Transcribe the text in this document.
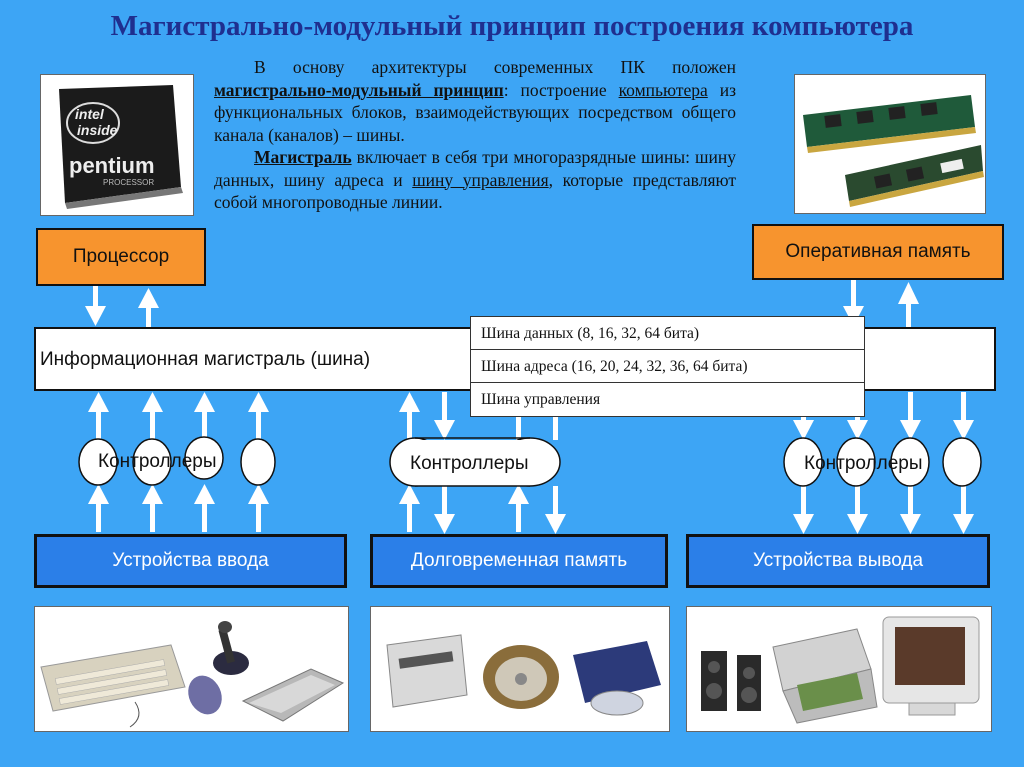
Магистрально-модульный принцип построения компьютера
intel
inside
pentium
PROCESSOR

В основу архитектуры современных ПК положен магистрально-модульный принцип: построение компьютера из функциональных блоков, взаимодействующих посредством общего канала (каналов) – шины.

Магистраль включает в себя три многоразрядные шины: шину данных, шину адреса и шину управления, которые представляют собой многопроводные линии.

Процессор	Оперативная память
Информационная магистраль (шина)
Контроллеры	Контроллеры	Контроллеры
Шина данных (8, 16, 32, 64 бита)
Шина адреса (16, 20, 24, 32, 36, 64 бита)
Шина управления
Устройства ввода	Долговременная память	Устройства вывода
